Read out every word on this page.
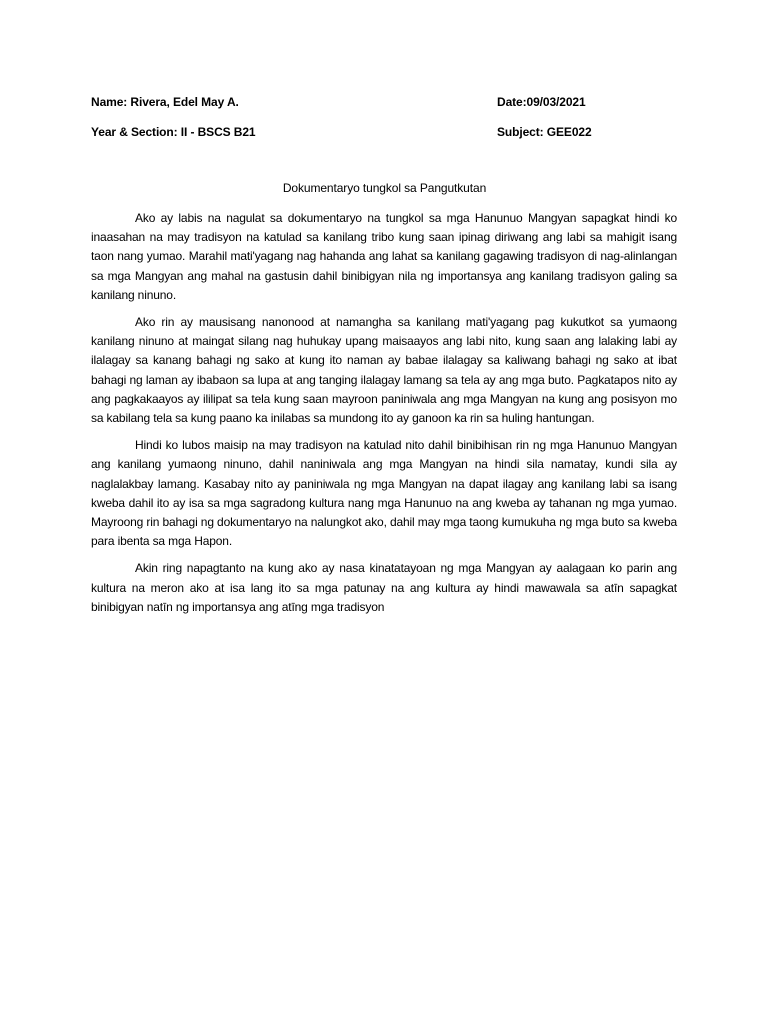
Name: Rivera, Edel May A.	Date:09/03/2021
Year & Section: II - BSCS B21	Subject: GEE022
Dokumentaryo tungkol sa Pangutkutan

Ako ay labis na nagulat sa dokumentaryo na tungkol sa mga Hanunuo Mangyan sapagkat hindi ko inaasahan na may tradisyon na katulad sa kanilang tribo kung saan ipinag diriwang ang labi sa mahigit isang taon nang yumao. Marahil mati'yagang nag hahanda ang lahat sa kanilang gagawing tradisyon di nag-alinlangan sa mga Mangyan ang mahal na gastusin dahil binibigyan nila ng importansya ang kanilang tradisyon galing sa kanilang ninuno.

Ako rin ay mausisang nanonood at namangha sa kanilang mati'yagang pag kukutkot sa yumaong kanilang ninuno at maingat silang nag huhukay upang maisaayos ang labi nito, kung saan ang lalaking labi ay ilalagay sa kanang bahagi ng sako at kung ito naman ay babae ilalagay sa kaliwang bahagi ng sako at ibat bahagi ng laman ay ibabaon sa lupa at ang tanging ilalagay lamang sa tela ay ang mga buto. Pagkatapos nito ay ang pagkakaayos ay ililipat sa tela kung saan mayroon paniniwala ang mga Mangyan na kung ang posisyon mo sa kabilang tela sa kung paano ka inilabas sa mundong ito ay ganoon ka rin sa huling hantungan.

Hindi ko lubos maisip na may tradisyon na katulad nito dahil binibihisan rin ng mga Hanunuo Mangyan ang kanilang yumaong ninuno, dahil naniniwala ang mga Mangyan na hindi sila namatay, kundi sila ay naglalakbay lamang. Kasabay nito ay paniniwala ng mga Mangyan na dapat ilagay ang kanilang labi sa isang kweba dahil ito ay isa sa mga sagradong kultura nang mga Hanunuo na ang kweba ay tahanan ng mga yumao. Mayroong rin bahagi ng dokumentaryo na nalungkot ako, dahil may mga taong kumukuha ng mga buto sa kweba para ibenta sa mga Hapon.

Akin ring napagtanto na kung ako ay nasa kinatatayoan ng mga Mangyan ay aalagaan ko parin ang kultura na meron ako at isa lang ito sa mga patunay na ang kultura ay hindi mawawala sa atīn sapagkat binibigyan natīn ng importansya ang atīng mga tradisyon
